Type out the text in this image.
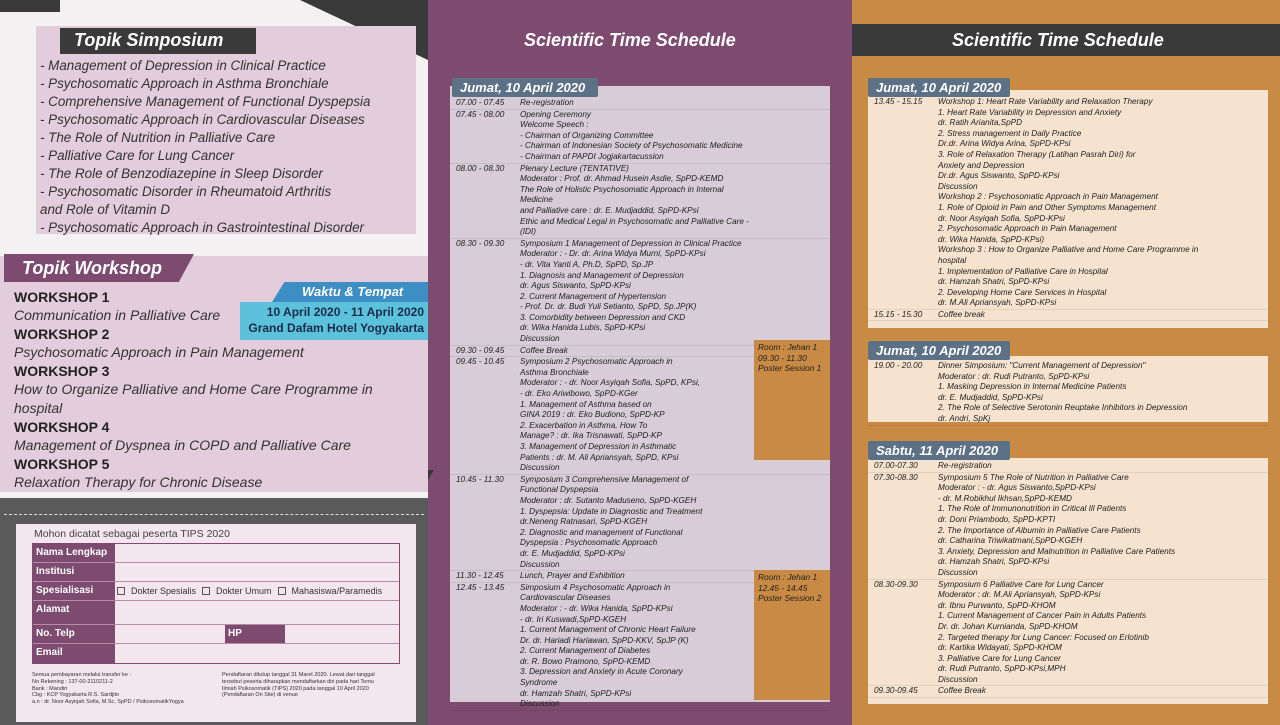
Topik Simposium
- Management of Depression in Clinical Practice
- Psychosomatic Approach in Asthma Bronchiale
- Comprehensive Management of Functional Dyspepsia
- Psychosomatic Approach in Cardiovascular Diseases
- The Role of Nutrition in Palliative Care
- Palliative Care for Lung Cancer
- The Role of Benzodiazepine in Sleep Disorder
- Psychosomatic Disorder in Rheumatoid Arthritis
and Role of Vitamin D
- Psychosomatic Approach in Gastrointestinal Disorder
Topik Workshop
WORKSHOP 1
Communication in Palliative Care
WORKSHOP 2
Psychosomatic Approach in Pain Management
WORKSHOP 3
How to Organize Palliative and Home Care Programme in hospital
WORKSHOP 4
Management of Dyspnea in COPD and Palliative Care
WORKSHOP 5
Relaxation Therapy for Chronic Disease
Waktu & Tempat
10 April 2020 - 11 April 2020
Grand Dafam Hotel Yogyakarta
Mohon dicatat sebagai peserta TIPS 2020
Nama Lengkap
Institusi
Spesialisasi	Dokter Spesialis Dokter Umum Mahasiswa/Paramedis
Alamat
No. Telp	HP
Email
Semua pembayaran melalui transfer ke :
No Rekening : 137-00-2110211-2
Bank : Mandiri
Cbg : KCP Yogyakarta R.S. Sardjito
a.n : dr. Noor Asyiqah Sofia, M.Sc, SpPD / PsikosomatikYogya
Pendaftaran ditutup tanggal 31 Maret 2020. Lewat dari tanggal
tersebut peserta diharapkan mendaftarkan diri pada hari Temu
Ilmiah Psikosomatik (TIPS) 2020 pada tanggal 10 April 2020
(Pendaftaran On Site) di venue
Scientific Time Schedule
Jumat, 10 April 2020
07.00 - 07.45	Re-registration
07.45 - 08.00	Opening Ceremony
Welcome Speech :
- Chairman of Organizing Committee
- Chairman of Indonesian Society of Psychosomatic Medicine
- Chairman of PAPDI Jogjakartacussion
08.00 - 08.30	Plenary Lecture (TENTATIVE)
Moderator : Prof. dr. Ahmad Husein Asdie, SpPD-KEMD
The Role of Holistic Psychosomatic Approach in Internal Medicine
and Palliative care : dr. E. Mudjaddid, SpPD-KPsi
Ethic and Medical Legal in Psychosomatic and Palliative Care - (IDI)
08.30 - 09.30	Symposium 1 Management of Depression in Clinical Practice
Moderator : - Dr. dr. Arina Widya Murni, SpPD-KPsi
- dr. Vita Yanti A, Ph.D, SpPD, Sp.JP
1. Diagnosis and Management of Depression
dr. Agus Siswanto, SpPD-KPsi
2. Current Management of Hypertension
- Prof. Dr. dr. Budi Yuli Setianto, SpPD, Sp.JP(K)
3. Comorbidity between Depression and CKD
dr. Wika Hanida Lubis, SpPD-KPsi
Discussion
09.30 - 09.45	Coffee Break
09.45 - 10.45	Symposium 2 Psychosomatic Approach in
Asthma Bronchiale
Moderator : - dr. Noor Asyiqah Sofia, SpPD, KPsi,
- dr. Eko Ariwibowo, SpPD-KGer
1. Management of Asthma based on
GINA 2019 : dr. Eko Budiono, SpPD-KP
2. Exacerbation in Asthma, How To
Manage? : dr. Ika Trisnawati, SpPD-KP
3. Management of Depression in Asthmatic
Patients : dr. M. Ali Apriansyah, SpPD, KPsi
Discussion
10.45 - 11.30	Symposium 3 Comprehensive Management of
Functional Dyspepsia
Moderator : dr. Sutanto Maduseno, SpPD-KGEH
1. Dyspepsia: Update in Diagnostic and Treatment
dr.Neneng Ratnasari, SpPD-KGEH
2. Diagnostic and management of Functional
Dyspepsia : Psychosomatic Approach
dr. E. Mudjaddid, SpPD-KPsi
Discussion
11.30 - 12.45	Lunch, Prayer and Exhibition
12.45 - 13.45	Simposium 4 Psychosomatic Approach in
Cardiovascular Diseases
Moderator : - dr. Wika Hanida, SpPD-KPsi
- dr. Iri Kuswadi,SpPD-KGEH
1. Current Management of Chronic Heart Failure
Dr. dr. Hariadi Hariawan, SpPD-KKV, SpJP (K)
2. Current Management of Diabetes
dr. R. Bowo Pramono, SpPD-KEMD
3. Depression and Anxiety in Acute Coronary
Syndrome
dr. Hamzah Shatri, SpPD-KPsi
Discussion
Room : Jehan 1
09.30 - 11.30
Poster Session 1
Room : Jehan 1
12.45 - 14.45
Poster Session 2
Scientific Time Schedule
Jumat, 10 April 2020
13.45 - 15.15	Workshop 1: Heart Rate Variability and Relaxation Therapy
1. Heart Rate Variability in Depression and Anxiety
dr. Ratih Arianita,SpPD
2. Stress management in Daily Practice
Dr.dr. Arina Widya Arina, SpPD-KPsi
3. Role of Relaxation Therapy (Latihan Pasrah Diri) for
Anxiety and Depression
Dr.dr. Agus Siswanto, SpPD-KPsi
Discussion
Workshop 2 : Psychosomatic Approach in Pain Management
1. Role of Opioid in Pain and Other Symptoms Management
dr. Noor Asyiqah Sofia, SpPD-KPsi
2. Psychosomatic Approach in Pain Management
dr. Wika Hanida, SpPD-KPsi)
Workshop 3 : How to Organize Palliative and Home Care Programme in
hospital
1. Implementation of Palliative Care in Hospital
dr. Hamzah Shatri, SpPD-KPsi
2. Developing Home Care Services in Hospital
dr. M.Ali Apriansyah, SpPD-KPsi
15.15 - 15.30	Coffee break
Jumat, 10 April 2020
19.00 - 20.00	Dinner Simposium: "Current Management of Depression"
Moderator : dr. Rudi Putranto, SpPD-KPsi
1. Masking Depression in Internal Medicine Patients
dr. E. Mudjaddid, SpPD-KPsi
2. The Role of Selective Serotonin Reuptake Inhibitors in Depression
dr. Andri, SpKj
Sabtu, 11 April 2020
07.00-07.30	Re-registration
07.30-08.30	Symposium 5 The Role of Nutrition in Palliative Care
Moderator : - dr. Agus Siswanto,SpPD-KPsi
- dr. M.Robikhul Ikhsan,SpPD-KEMD
1. The Role of Immunonutrition in Critical Ill Patients
dr. Doni Priambodo, SpPD-KPTI
2. The Importance of Albumin in Palliative Care Patients
dr. Catharina Triwikatmani,SpPD-KGEH
3. Anxiety, Depression and Malnutrition in Palliative Care Patients
dr. Hamzah Shatri, SpPD-KPsi
Discussion
08.30-09.30	Symposium 6 Palliative Care for Lung Cancer
Moderator : dr. M.Ali Apriansyah, SpPD-KPsi
dr. Ibnu Purwanto, SpPD-KHOM
1. Current Management of Cancer Pain in Adults Patients
Dr. dr. Johan Kurnianda, SpPD-KHOM
2. Targeted therapy for Lung Cancer: Focused on Erlotinib
dr. Kartika Widayati, SpPD-KHOM
3. Palliative Care for Lung Cancer
dr. Rudi Putranto, SpPD-KPsi,MPH
Discussion
09.30-09.45	Coffee Break
